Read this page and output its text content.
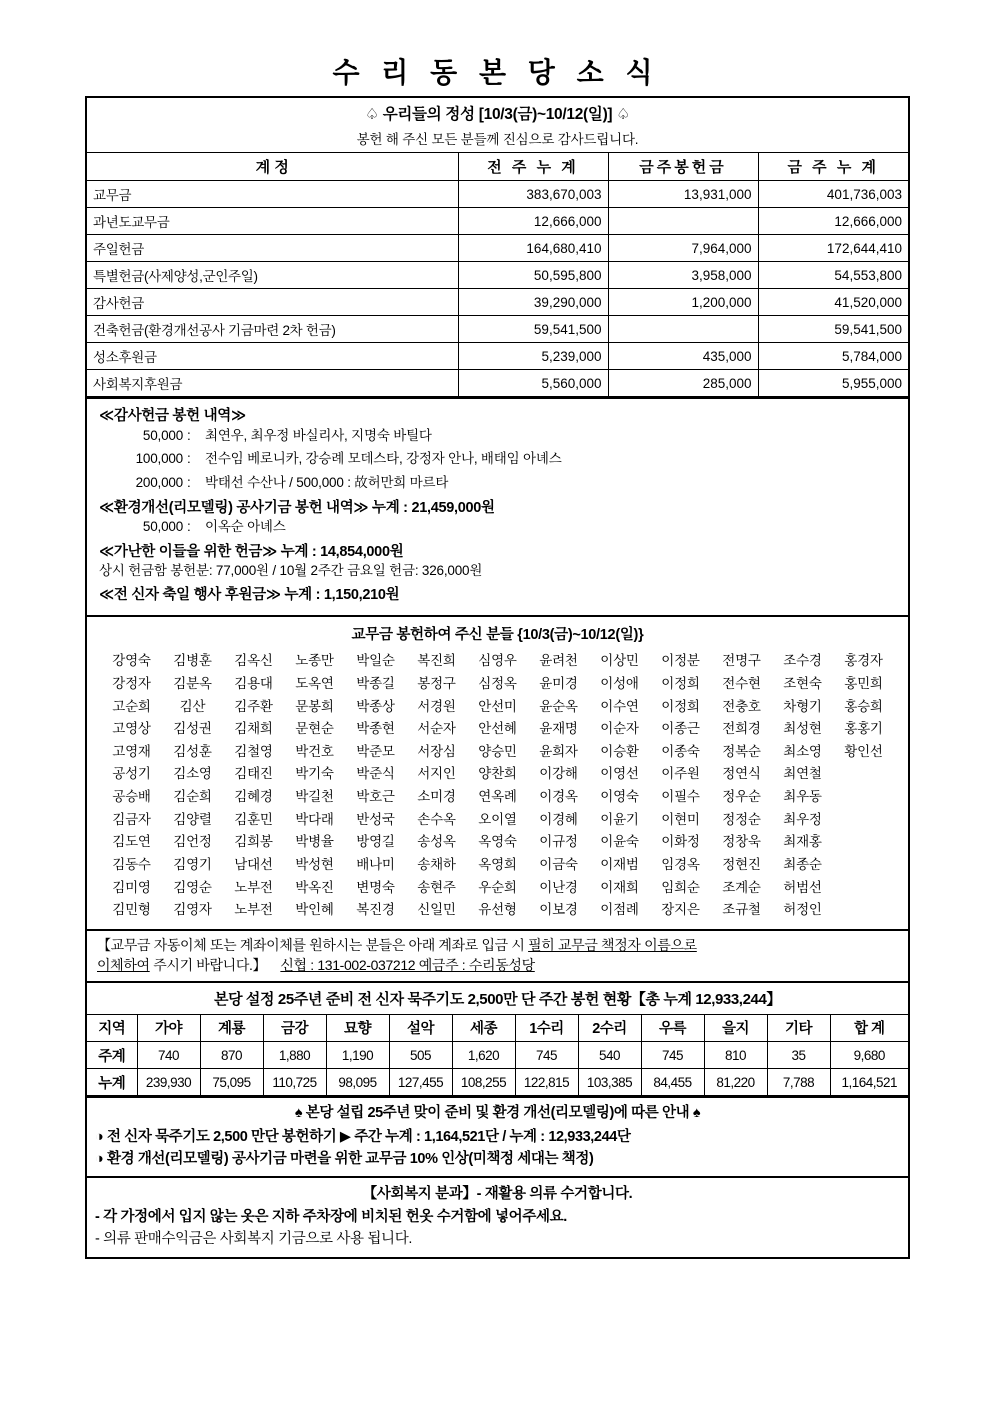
수 리 동 본 당 소 식
♤ 우리들의 정성 [10/3(금)~10/12(일)] ♤
봉헌 해 주신 모든 분들께 진심으로 감사드립니다.
계 정	전 주 누 계	금주봉헌금	금 주 누 계
교무금	383,670,003	13,931,000	401,736,003
과년도교무금	12,666,000		12,666,000
주일헌금	164,680,410	7,964,000	172,644,410
특별헌금(사제양성,군인주일)	50,595,800	3,958,000	54,553,800
감사헌금	39,290,000	1,200,000	41,520,000
건축헌금(환경개선공사 기금마련 2차 헌금)	59,541,500		59,541,500
성소후원금	5,239,000	435,000	5,784,000
사회복지후원금	5,560,000	285,000	5,955,000
≪감사헌금 봉헌 내역≫
50,000 :	최연우, 최우정 바실리사, 지명숙 바틸다
100,000 :	전수임 베로니카, 강승례 모데스타, 강정자 안나, 배태임 아녜스
200,000 :	박태선 수산나 / 500,000 : 故허만희 마르타
≪환경개선(리모델링) 공사기금 봉헌 내역≫ 누계 : 21,459,000원
50,000 :	이옥순 아녜스
≪가난한 이들을 위한 헌금≫ 누계 : 14,854,000원
상시 헌금함 봉헌분: 77,000원 / 10월 2주간 금요일 헌금: 326,000원
≪전 신자 축일 행사 후원금≫ 누계 : 1,150,210원
교무금 봉헌하여 주신 분들 {10/3(금)~10/12(일)}
강영숙	김병훈	김옥신	노종만	박일순	복진희	심영우	윤려천	이상민	이정분	전명구	조수경	홍경자
강정자	김분옥	김용대	도옥연	박종길	봉정구	심정옥	윤미경	이성애	이정희	전수현	조현숙	홍민희
고순희	김산	김주환	문봉희	박종상	서경원	안선미	윤순옥	이수연	이정희	전충호	차형기	홍승희
고영상	김성권	김채희	문현순	박종현	서순자	안선혜	윤재명	이순자	이종근	전희경	최성현	홍홍기
고영재	김성훈	김철영	박건호	박준모	서장심	양승민	윤희자	이승환	이종숙	정복순	최소영	황인선
공성기	김소영	김태진	박기숙	박준식	서지인	양찬희	이강해	이영선	이주원	정연식	최연철

공승배	김순희	김혜경	박길천	박호근	소미경	연옥례	이경옥	이영숙	이필수	정우순	최우동

김금자	김양렬	김훈민	박다래	반성국	손수옥	오이열	이경혜	이윤기	이현미	정정순	최우정

김도연	김언정	김희봉	박병율	방영길	송성옥	옥영숙	이규정	이윤숙	이화정	정창욱	최재홍

김동수	김영기	남대선	박성현	배나미	송채하	옥영희	이금숙	이재범	임경옥	정현진	최종순

김미영	김영순	노부전	박옥진	변명숙	송현주	우순희	이난경	이재희	임희순	조계순	허범선

김민형	김영자	노부전	박인혜	복진경	신일민	유선형	이보경	이점례	장지은	조규철	허정인

【교무금 자동이체 또는 계좌이체를 원하시는 분들은 아래 계좌로 입금 시 필히 교무금 책정자 이름으로
이체하여 주시기 바랍니다.】 신협 : 131-002-037212 예금주 : 수리동성당
본당 설정 25주년 준비 전 신자 묵주기도 2,500만 단 주간 봉헌 현황【총 누계 12,933,244】
지역	가야	계룡	금강	묘향	설악	세종	1수리	2수리	우륵	을지	기타	합 계
주계	740	870	1,880	1,190	505	1,620	745	540	745	810	35	9,680
누계	239,930	75,095	110,725	98,095	127,455	108,255	122,815	103,385	84,455	81,220	7,788	1,164,521
♠ 본당 설립 25주년 맞이 준비 및 환경 개선(리모델링)에 따른 안내 ♠
◑ 전 신자 묵주기도 2,500 만단 봉헌하기 ▶ 주간 누계 : 1,164,521단 / 누계 : 12,933,244단
◑ 환경 개선(리모델링) 공사기금 마련을 위한 교무금 10% 인상(미책정 세대는 책정)
【사회복지 분과】- 재활용 의류 수거합니다.
- 각 가정에서 입지 않는 옷은 지하 주차장에 비치된 헌옷 수거함에 넣어주세요.
- 의류 판매수익금은 사회복지 기금으로 사용 됩니다.
